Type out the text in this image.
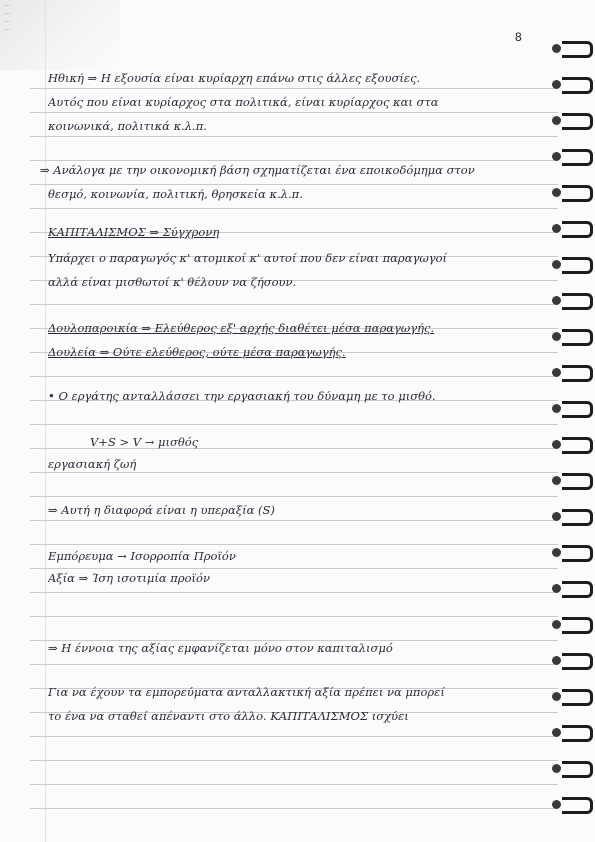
...
...
...
...
8
Ηθική ⇒ Η εξουσία είναι κυρίαρχη επάνω στις άλλες εξουσίες.
Αυτός που είναι κυρίαρχος στα πολιτικά, είναι κυρίαρχος και στα
κοινωνικά, πολιτικά κ.λ.π.
⇒ Ανάλογα με την οικονομική βάση σχηματίζεται ένα εποικοδόμημα στον
θεσμό, κοινωνία, πολιτική, θρησκεία κ.λ.π.
ΚΑΠΙΤΑΛΙΣΜΟΣ ⇒ Σύγχρονη
Υπάρχει ο παραγωγός κ' ατομικοί κ' αυτοί που δεν είναι παραγωγοί
αλλά είναι μισθωτοί κ' θέλουν να ζήσουν.
Δουλοπαροικία ⇒ Ελεύθερος εξ' αρχής διαθέτει μέσα παραγωγής.
Δουλεία ⇒ Ούτε ελεύθερος, ούτε μέσα παραγωγής.
• Ο εργάτης ανταλλάσσει την εργασιακή του δύναμη με το μισθό.
V+S > V → μισθός
εργασιακή ζωή
⇒ Αυτή η διαφορά είναι η υπεραξία (S)
Εμπόρευμα → Ισορροπία Προϊόν
Αξία ⇒ Ίση ισοτιμία προϊόν
⇒ Η έννοια της αξίας εμφανίζεται μόνο στον καπιταλισμό
Για να έχουν τα εμπορεύματα ανταλλακτική αξία πρέπει να μπορεί
το ένα να σταθεί απέναντι στο άλλο. ΚΑΠΙΤΑΛΙΣΜΟΣ ισχύει
